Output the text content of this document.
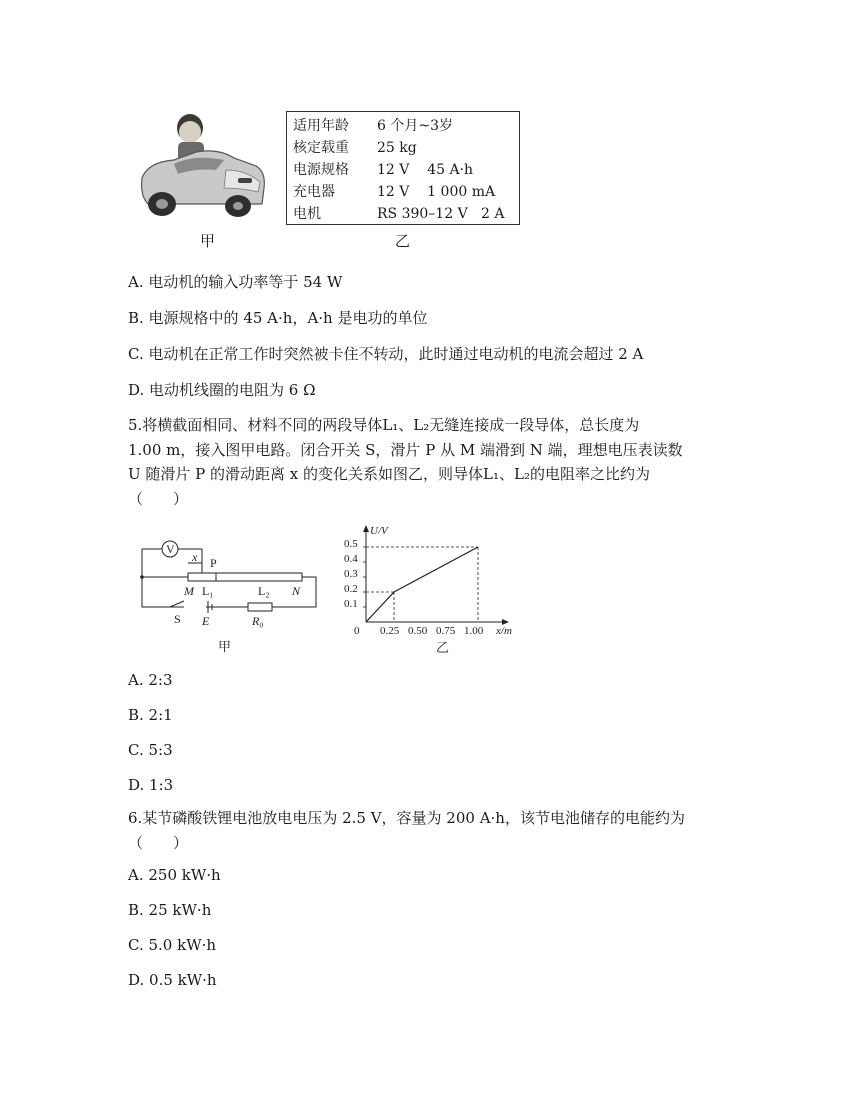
甲
适用年龄 6 个月~3岁
核定载重 25 kg
电源规格 12 V    45 A·h
充电器	12 V    1 000 mA
电机	RS 390–12 V   2 A
乙
A. 电动机的输入功率等于 54 W
B. 电源规格中的 45 A·h，A·h 是电功的单位
C. 电动机在正常工作时突然被卡住不转动，此时通过电动机的电流会超过 2 A
D. 电动机线圈的电阻为 6 Ω
5.将横截面相同、材料不同的两段导体L₁、L₂无缝连接成一段导体，总长度为
1.00 m，接入图甲电路。闭合开关 S，滑片 P 从 M 端滑到 N 端，理想电压表读数
U 随滑片 P 的滑动距离 x 的变化关系如图乙，则导体L₁、L₂的电阻率之比约为
（　　）
V
x P
M L₁	L₂ N
S E	R₀
甲
U/V
x/m
0
0.5
0.4
0.3
0.2
0.1
0.25 0.50 0.75 1.00
乙
A. 2:3
B. 2:1
C. 5:3
D. 1:3
6.某节磷酸铁锂电池放电电压为 2.5 V，容量为 200 A·h，该节电池储存的电能约为
（　　）
A. 250 kW·h
B. 25 kW·h
C. 5.0 kW·h
D. 0.5 kW·h
